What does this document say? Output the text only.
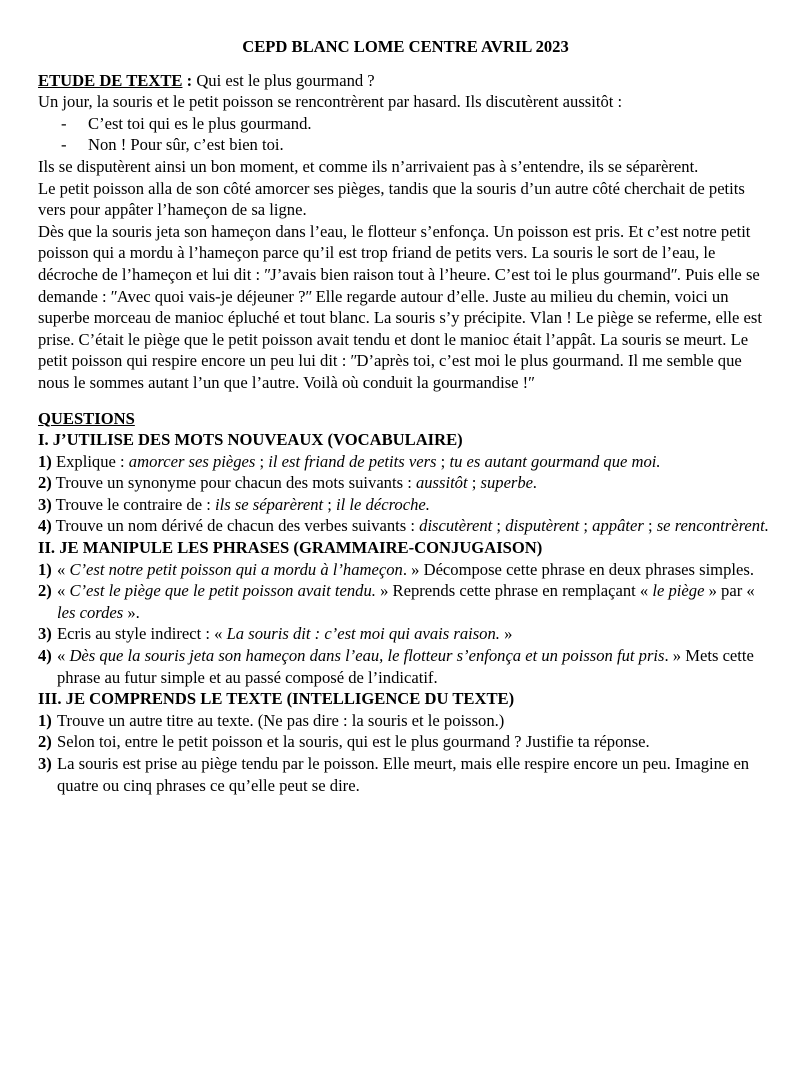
CEPD BLANC LOME CENTRE AVRIL 2023

ETUDE DE TEXTE : Qui est le plus gourmand ?

Un jour, la souris et le petit poisson se rencontrèrent par hasard. Ils discutèrent aussitôt :

- C’est toi qui es le plus gourmand.
- Non ! Pour sûr, c’est bien toi.

Ils se disputèrent ainsi un bon moment, et comme ils n’arrivaient pas à s’entendre, ils se séparèrent.

Le petit poisson alla de son côté amorcer ses pièges, tandis que la souris d’un autre côté cherchait de petits vers pour appâter l’hameçon de sa ligne.

Dès que la souris jeta son hameçon dans l’eau, le flotteur s’enfonça. Un poisson est pris. Et c’est notre petit poisson qui a mordu à l’hameçon parce qu’il est trop friand de petits vers. La souris le sort de l’eau, le décroche de l’hameçon et lui dit : ʺJ’avais bien raison tout à l’heure. C’est toi le plus gourmandʺ. Puis elle se demande : ʺAvec quoi vais-je déjeuner ?ʺ Elle regarde autour d’elle. Juste au milieu du chemin, voici un superbe morceau de manioc épluché et tout blanc. La souris s’y précipite. Vlan ! Le piège se referme, elle est prise. C’était le piège que le petit poisson avait tendu et dont le manioc était l’appât. La souris se meurt. Le petit poisson qui respire encore un peu lui dit : ʺD’après toi, c’est moi le plus gourmand. Il me semble que nous le sommes autant l’un que l’autre. Voilà où conduit la gourmandise !ʺ

QUESTIONS

I. J’UTILISE DES MOTS NOUVEAUX (VOCABULAIRE)

1) Explique : amorcer ses pièges ; il est friand de petits vers ; tu es autant gourmand que moi.

2) Trouve un synonyme pour chacun des mots suivants : aussitôt ; superbe.

3) Trouve le contraire de : ils se séparèrent ; il le décroche.

4) Trouve un nom dérivé de chacun des verbes suivants : discutèrent ; disputèrent ; appâter ; se rencontrèrent.

II. JE MANIPULE LES PHRASES (GRAMMAIRE-CONJUGAISON)

1) « C’est notre petit poisson qui a mordu à l’hameçon. » Décompose cette phrase en deux phrases simples.

2) « C’est le piège que le petit poisson avait tendu. » Reprends cette phrase en remplaçant « le piège » par « les cordes ».

3) Ecris au style indirect : « La souris dit : c’est moi qui avais raison. »

4) « Dès que la souris jeta son hameçon dans l’eau, le flotteur s’enfonça et un poisson fut pris. » Mets cette phrase au futur simple et au passé composé de l’indicatif.

III. JE COMPRENDS LE TEXTE (INTELLIGENCE DU TEXTE)

1) Trouve un autre titre au texte. (Ne pas dire : la souris et le poisson.)

2) Selon toi, entre le petit poisson et la souris, qui est le plus gourmand ? Justifie ta réponse.

3) La souris est prise au piège tendu par le poisson. Elle meurt, mais elle respire encore un peu. Imagine en quatre ou cinq phrases ce qu’elle peut se dire.
